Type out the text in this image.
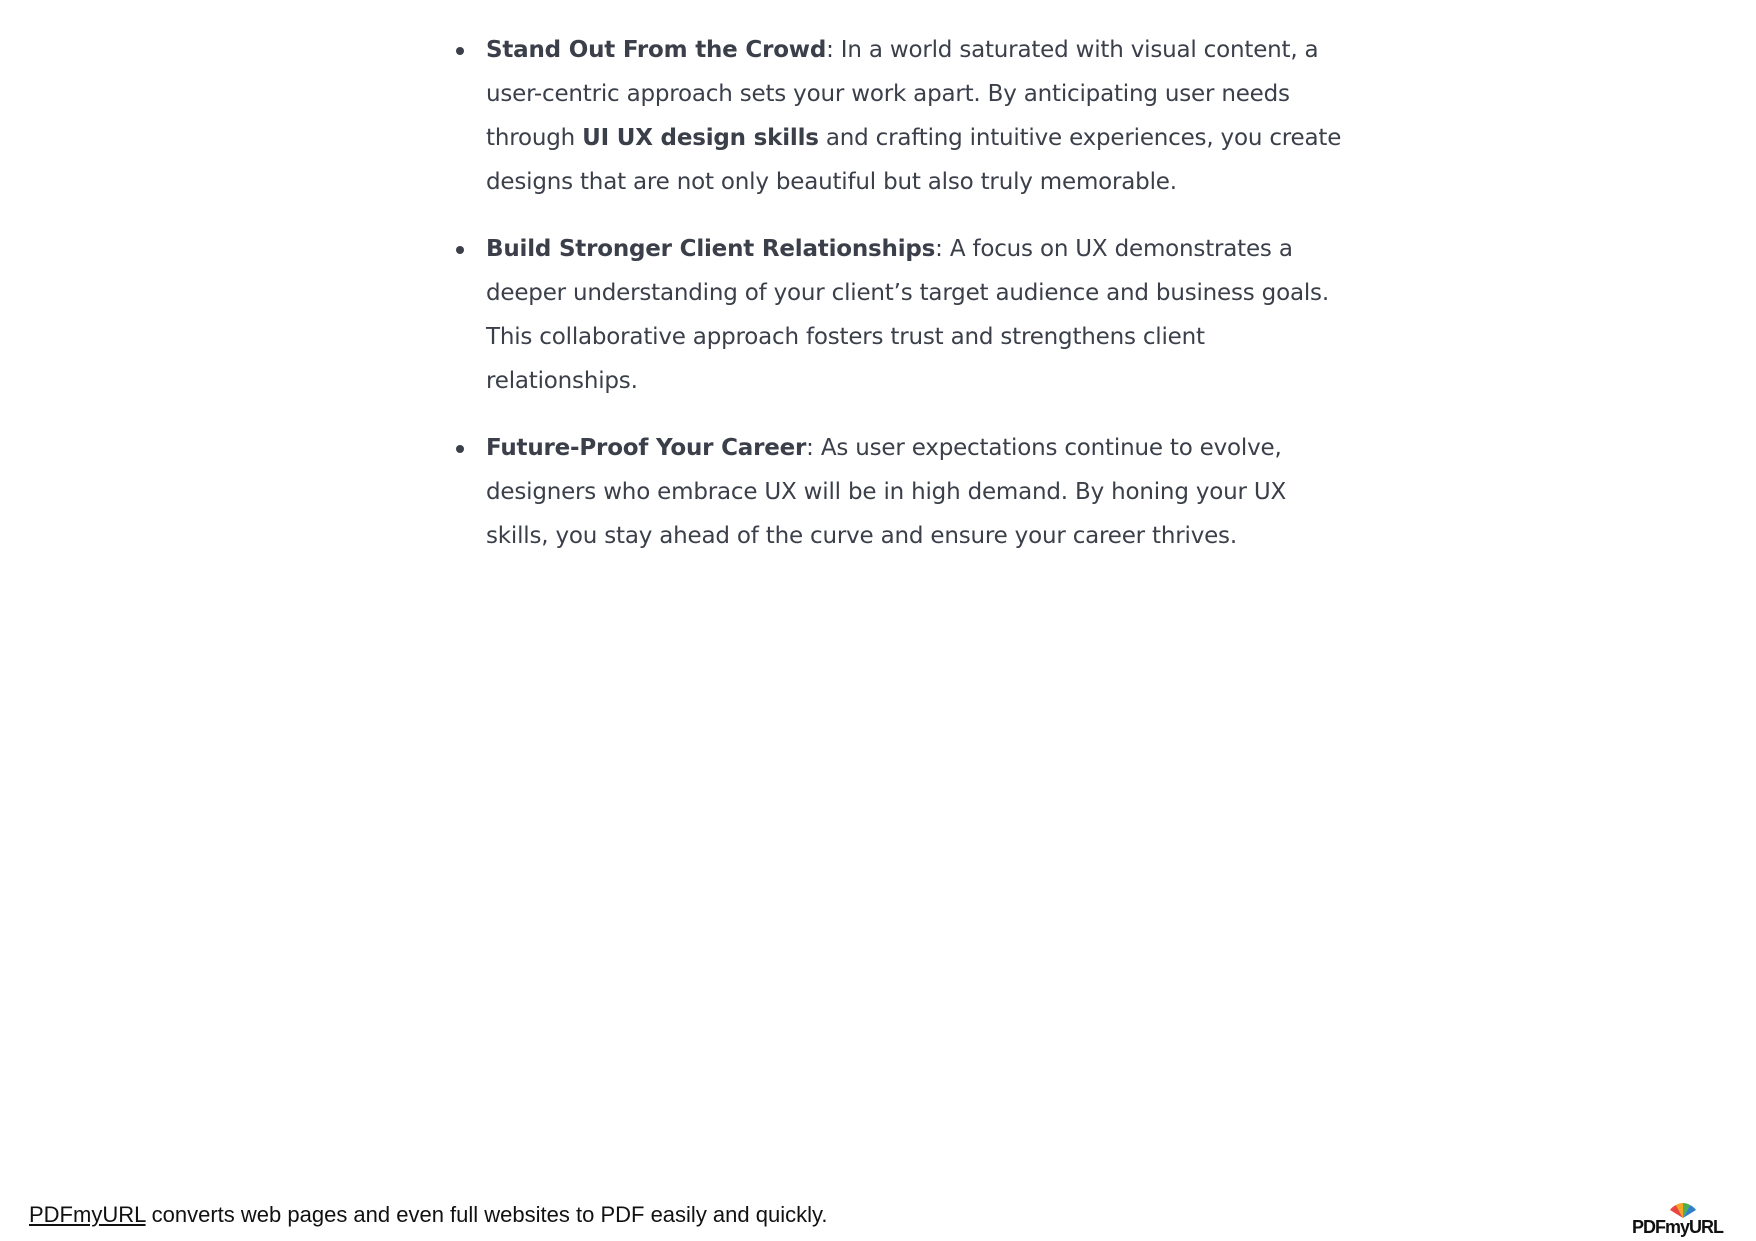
Stand Out From the Crowd: In a world saturated with visual content, a user-centric approach sets your work apart. By anticipating user needs through UI UX design skills and crafting intuitive experiences, you create designs that are not only beautiful but also truly memorable.
Build Stronger Client Relationships: A focus on UX demonstrates a deeper understanding of your client’s target audience and business goals. This collaborative approach fosters trust and strengthens client relationships.
Future-Proof Your Career: As user expectations continue to evolve, designers who embrace UX will be in high demand. By honing your UX skills, you stay ahead of the curve and ensure your career thrives.
PDFmyURL converts web pages and even full websites to PDF easily and quickly.	PDFmyURL
